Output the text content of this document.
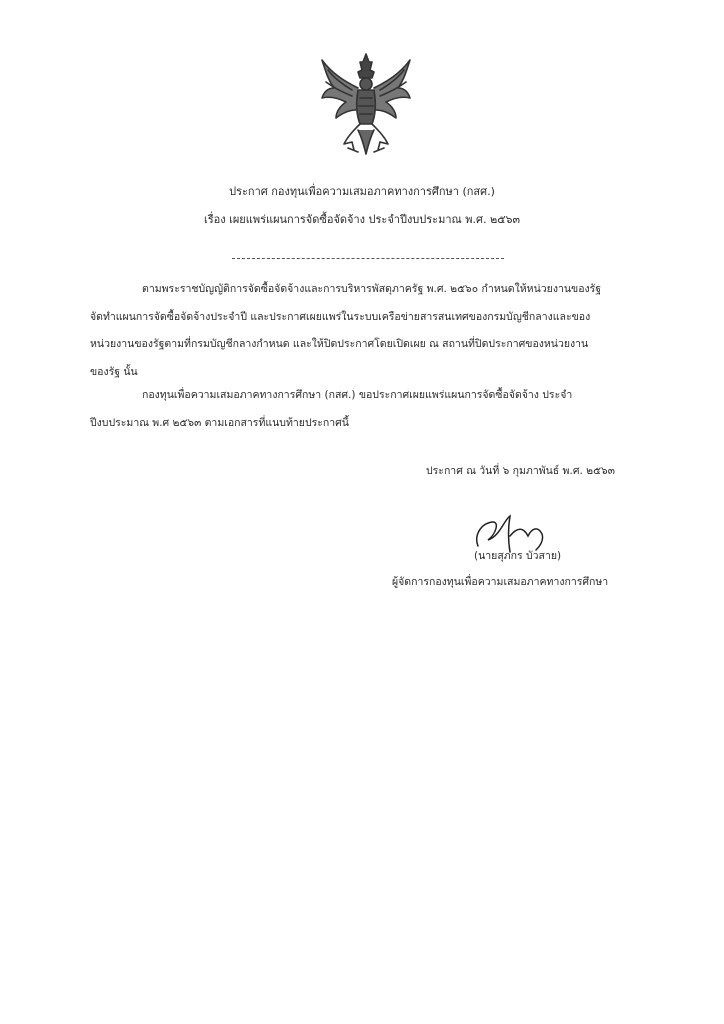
ประกาศ กองทุนเพื่อความเสมอภาคทางการศึกษา (กสศ.)
เรื่อง เผยแพร่แผนการจัดซื้อจัดจ้าง ประจำปีงบประมาณ พ.ศ. ๒๕๖๓
ตามพระราชบัญญัติการจัดซื้อจัดจ้างและการบริหารพัสดุภาครัฐ พ.ศ. ๒๕๖๐ กำหนดให้หน่วยงานของรัฐ
จัดทำแผนการจัดซื้อจัดจ้างประจำปี และประกาศเผยแพร่ในระบบเครือข่ายสารสนเทศของกรมบัญชีกลางและของ
หน่วยงานของรัฐตามที่กรมบัญชีกลางกำหนด และให้ปิดประกาศโดยเปิดเผย ณ สถานที่ปิดประกาศของหน่วยงาน
ของรัฐ นั้น
กองทุนเพื่อความเสมอภาคทางการศึกษา (กสศ.) ขอประกาศเผยแพร่แผนการจัดซื้อจัดจ้าง ประจำ
ปีงบประมาณ พ.ศ ๒๕๖๓ ตามเอกสารที่แนบท้ายประกาศนี้
ประกาศ ณ วันที่ ๖ กุมภาพันธ์ พ.ศ. ๒๕๖๓
(นายสุภกร บัวสาย)
ผู้จัดการกองทุนเพื่อความเสมอภาคทางการศึกษา
